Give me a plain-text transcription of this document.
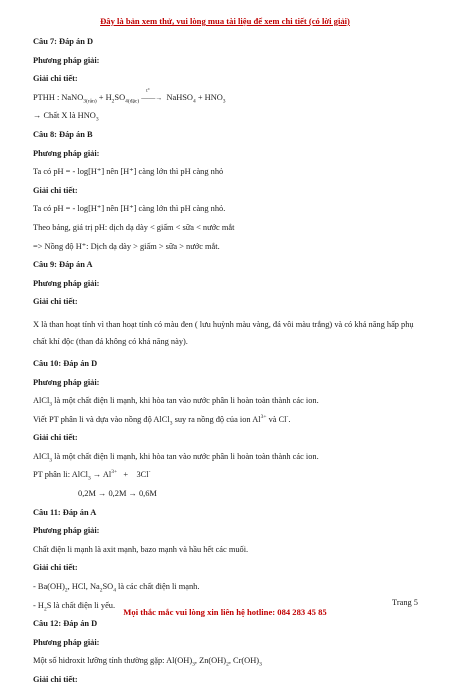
Đây là bản xem thử, vui lòng mua tài liệu để xem chi tiết (có lời giải)
Câu 7: Đáp án D
Phương pháp giải:
Giải chi tiết:
PTHH : NaNO$_{3(rắn)}$ + $H_2SO_{4(đặc)}$
t°
——→ NaHSO$_4$ + $HNO_3$
→ Chất X là $HNO_3$
Câu 8: Đáp án B
Phương pháp giải:
Ta có pH = - log[H⁺] nên [H⁺] càng lớn thì pH càng nhỏ
Giải chi tiết:
Ta có pH = - log[H⁺] nên [H⁺] càng lớn thì pH càng nhỏ.
Theo bảng, giá trị pH: dịch dạ dày < giấm < sữa < nước mắt
=> Nồng độ H⁺: Dịch dạ dày > giấm > sữa > nước mắt.
Câu 9: Đáp án A
Phương pháp giải:
Giải chi tiết:
X là than hoạt tính vì than hoạt tính có màu đen ( lưu huỳnh màu vàng, đá vôi màu trắng) và có khả năng hấp phụ chất khí độc (than đá không có khả năng này).
Câu 10: Đáp án D
Phương pháp giải:
AlCl$_3$ là một chất điện li mạnh, khi hòa tan vào nước phân li hoàn toàn thành các ion.
Viết PT phân li và dựa vào nồng độ AlCl$_3$ suy ra nồng độ của ion $Al^{3+}$ và Cl-.
Giải chi tiết:
AlCl$_3$ là một chất điện li mạnh, khi hòa tan vào nước phân li hoàn toàn thành các ion.
PT phân li: AlCl$_3$ → $Al^{3+}$   +    3Cl-
0,2M → 0,2M → 0,6M
Câu 11: Đáp án A
Phương pháp giải:
Chất điện li mạnh là axit mạnh, bazo mạnh và hầu hết các muối.
Giải chi tiết:
- $Ba(OH)_2$, HCl, $Na_2SO_4$ là các chất điện li mạnh.
- $H_2S$ là chất điện li yếu.
Câu 12: Đáp án D
Phương pháp giải:
Một số hidroxit lưỡng tính thường gặp: $Al(OH)_3$, $Zn(OH)_2$, $Cr(OH)_3$
Giải chi tiết:
Trang 5
Mọi thắc mắc vui lòng xin liên hệ hotline: 084 283 45 85
